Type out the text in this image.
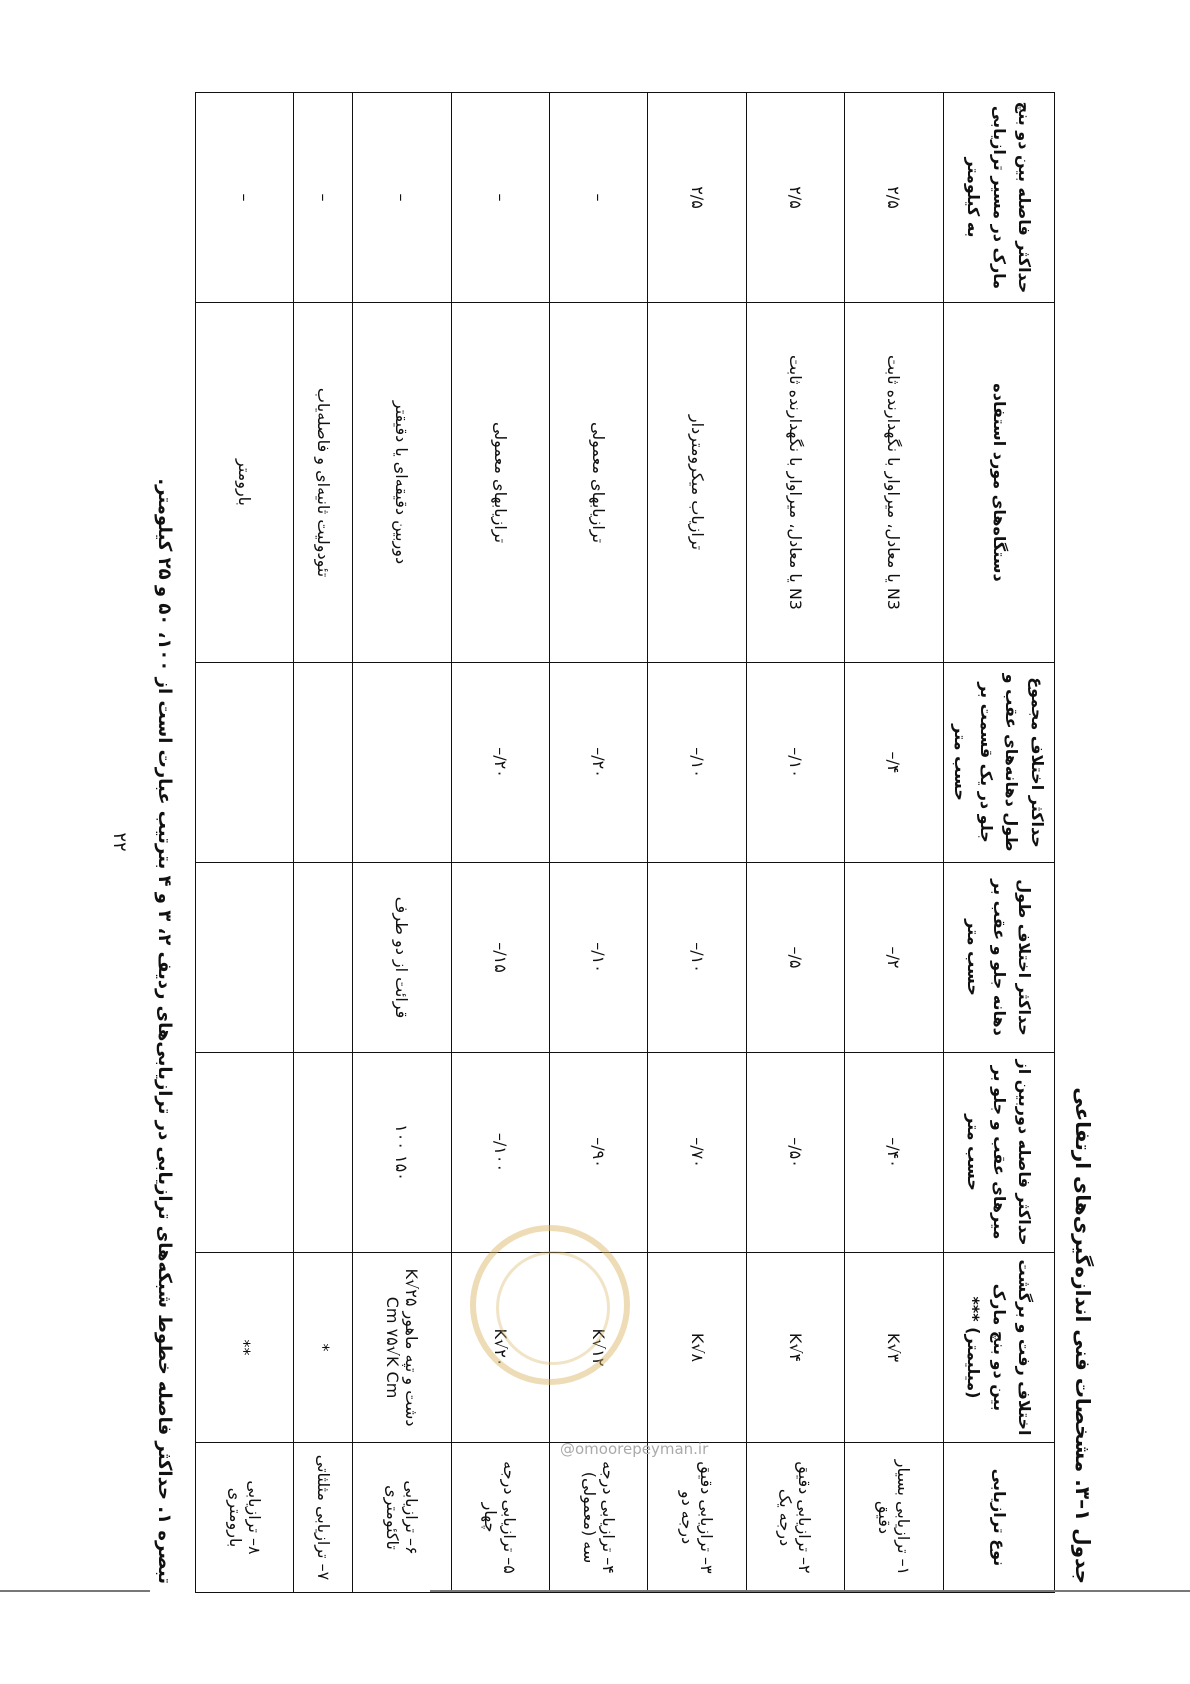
جدول ۱–۳. مشخصات فنی اندازه‌گیری‌های ارتفاعی
نوع ترازیابی	اختلاف رفت و برگشت بین دو بنچ مارک (میلیمتر) ***	حداکثر فاصله دوربین از میرهای عقب و جلو بر حسب متر	حداکثر اختلاف طول دهانه جلو و عقب بر حسب متر	حداکثر اختلاف مجموع طول دهانه‌های عقب و جلو در یک قسمت بر حسب متر	دستگاه‌های مورد استفاده	حداکثر فاصله بین دو بنچ مارک در مسیر ترازیابی به کیلومتر
۱– ترازیابی بسیار دقیق	۳√K	۴۰/–	۲/–	۴/–	N3 یا معادل، میراوار با نگهدارنده ثابت	۲/۵
۲– ترازیابی دقیق درجه یک	۴√K	۵۰/–	۵/–	۱۰/–	N3 یا معادل، میراوار با نگهدارنده ثابت	۲/۵
۳– ترازیابی دقیق درجه دو	۸√K	۷۰/–	۱۰/–	۱۰/–	ترازیاب میکرومتردار	۲/۵
۴– ترازیابی درجه سه (معمولی)	۱۲√K	۹۰/–	۱۰/–	۲۰/–	ترازیابهای معمولی	–
۵– ترازیابی درجه چهار	۲۰√K	۱۰۰/–	۱۵/–	۲۰/–	ترازیابهای معمولی	–
۶– ترازیابی تاکئومتری	دشت و تپه ماهور ۲۵√K Cm ۷۵√K Cm	۱۵۰ ۱۰۰	قرائت از دو طرف		دوربین دقیقه‌ای یا دقیقتر	–
۷– ترازیابی مثلثاتی	*				تئودولیت ثانیه‌ای و فاصله‌یاب	–
۸– ترازیابی بارومتری	**				بارومتر	–
تبصره ۱. حداکثر فاصله خطوط شبکه‌های ترازیابی در ترازیابی‌های ردیف ۲، ۳ و ۴ بترتیب عبارت است از ۱۰۰، ۵۰ و ۲۵ کیلومتر.
۲۲
@omoorepeyman.ir
